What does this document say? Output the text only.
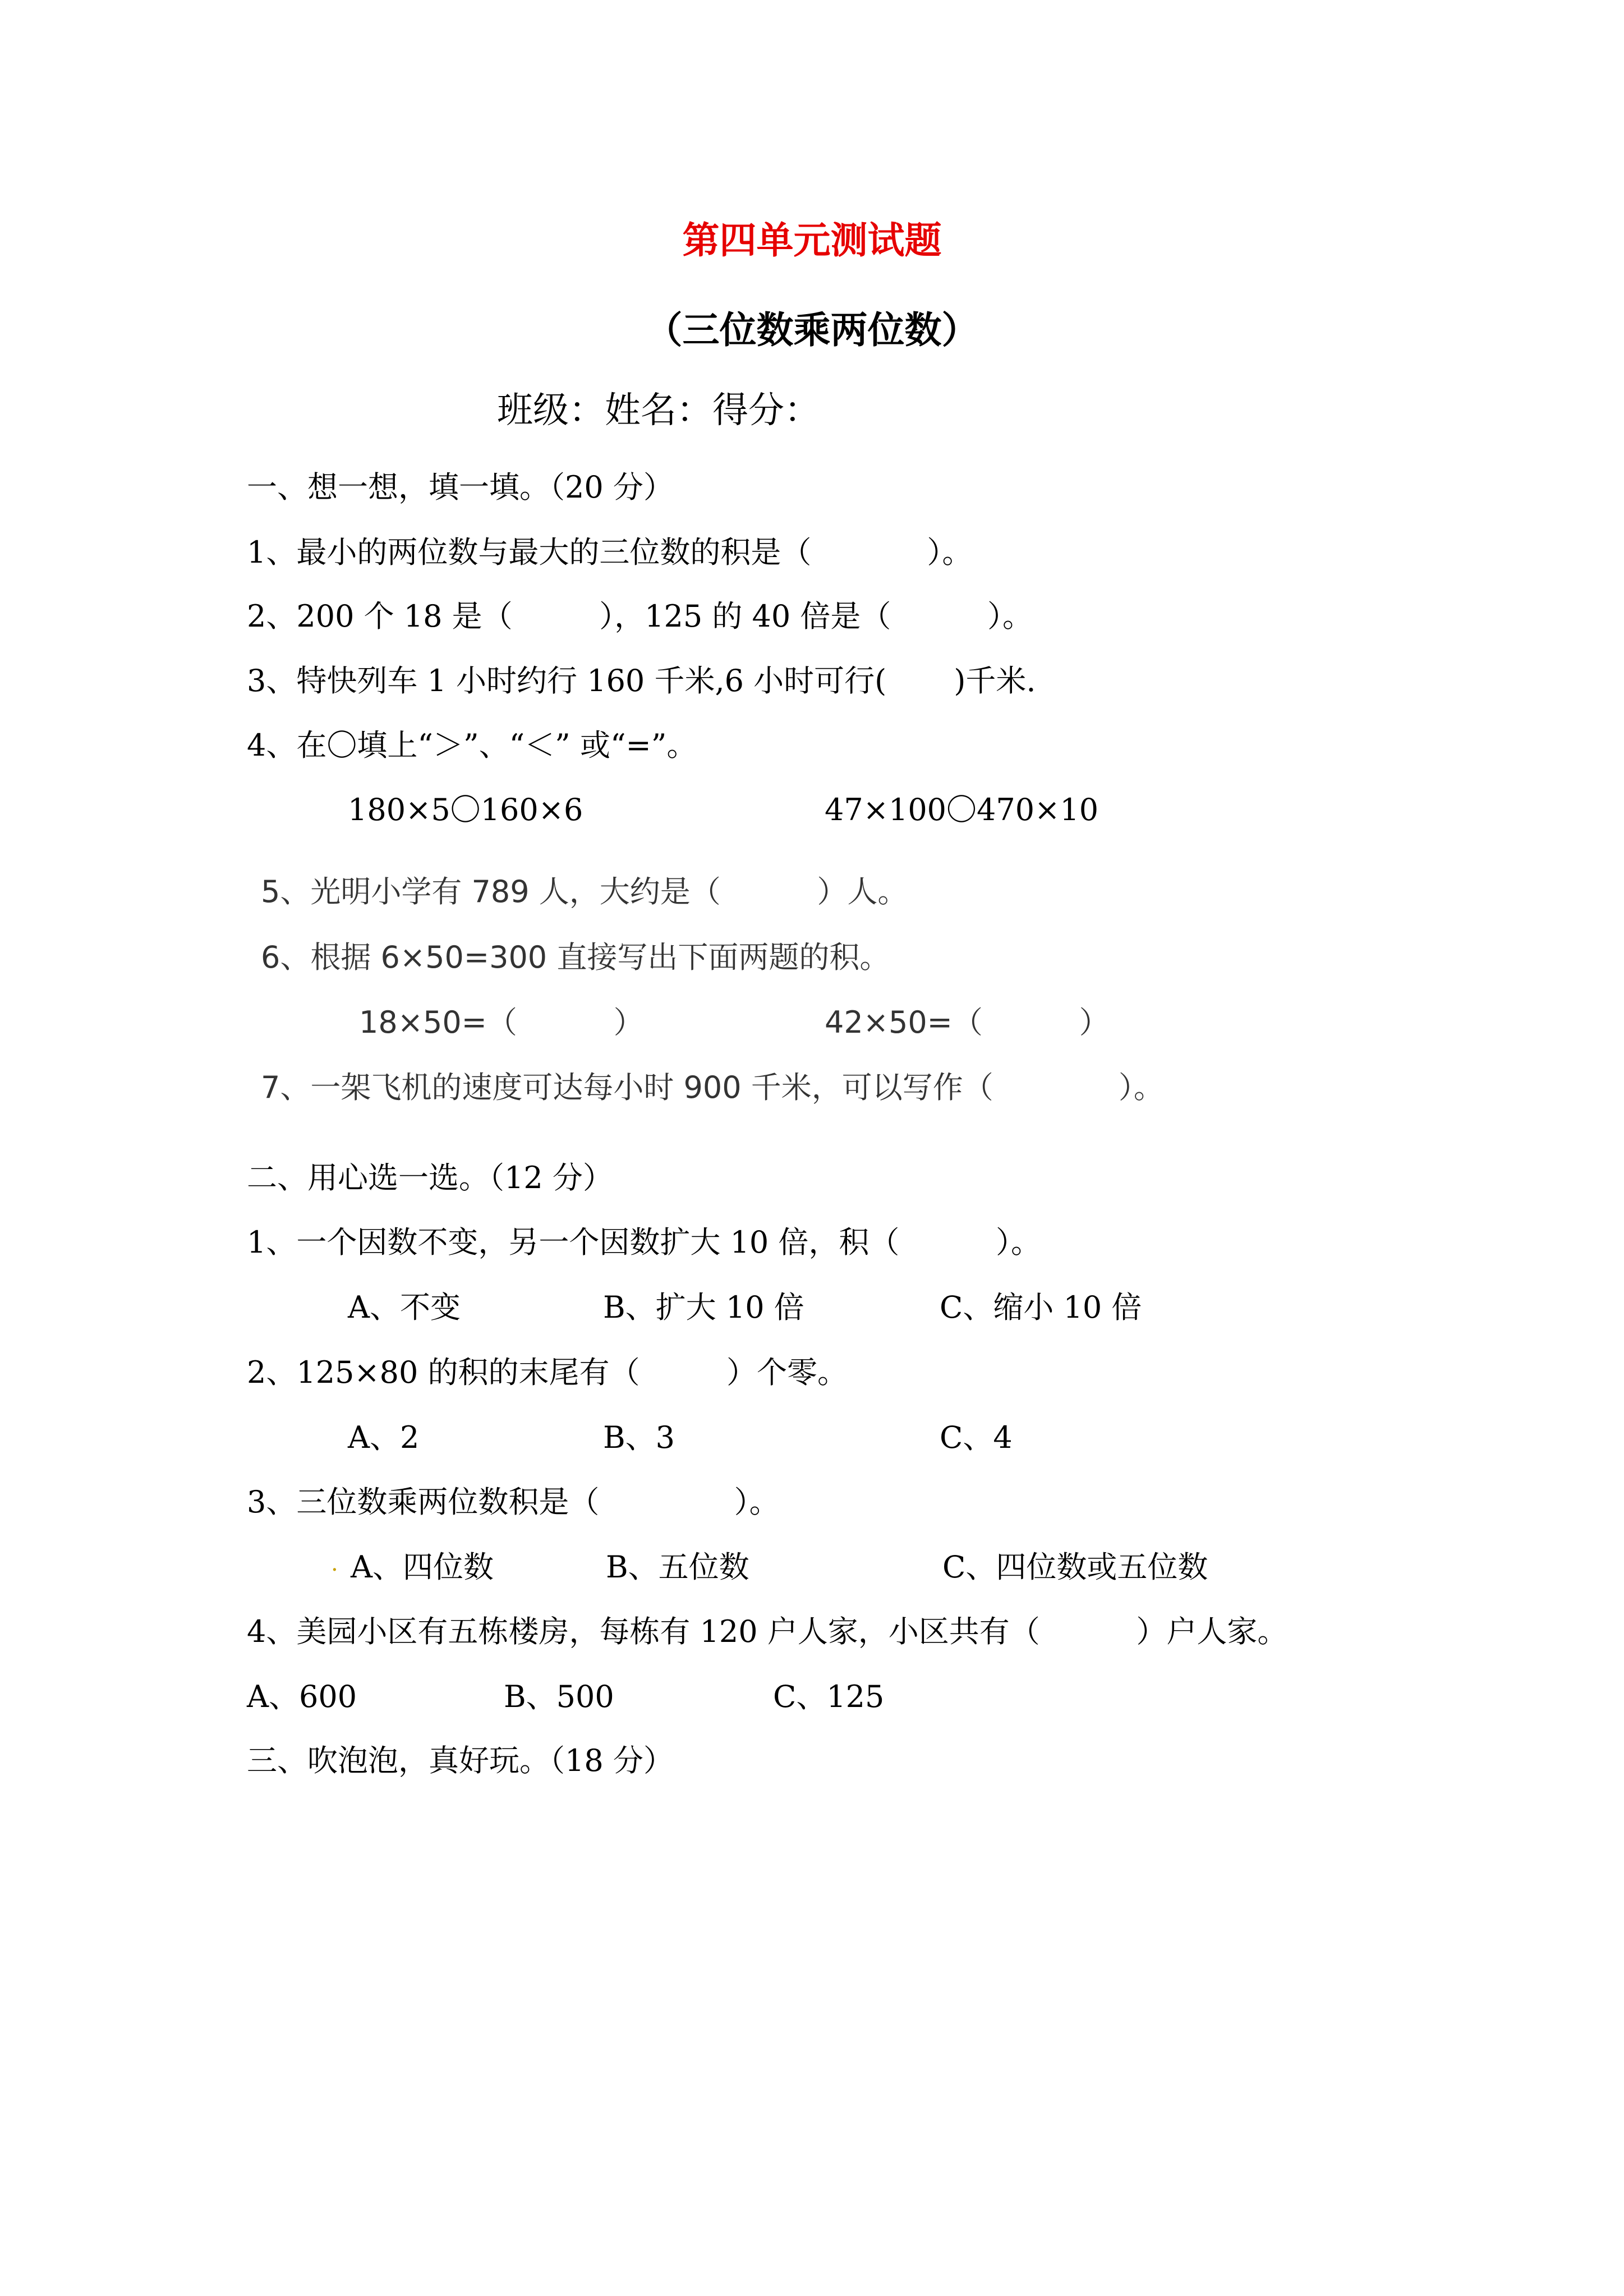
第四单元测试题
（三位数乘两位数）
班级：姓名：得分：
一、想一想，填一填。（20 分）
1、最小的两位数与最大的三位数的积是（            ）。
2、200 个 18 是（         ），125 的 40 倍是（          ）。
3、特快列车 1 小时约行 160 千米,6 小时可行(       )千米.
4、在〇填上“＞”、“＜” 或“=”。
180×5〇160×6	47×100〇470×10
5、光明小学有 789 人，大约是（          ）人。
6、根据 6×50=300 直接写出下面两题的积。
18×50=（          ）	42×50=（          ）
7、一架飞机的速度可达每小时 900 千米，可以写作（             ）。
二、用心选一选。（12 分）
1、一个因数不变，另一个因数扩大 10 倍，积（          ）。
A、不变	B、扩大 10 倍	C、缩小 10 倍
2、125×80 的积的末尾有（         ）个零。
A、2	B、3	C、4
3、三位数乘两位数积是（              ）。
. A、四位数	B、五位数	C、四位数或五位数
4、美园小区有五栋楼房，每栋有 120 户人家，小区共有（          ）户人家。
A、600	B、500	C、125
三、吹泡泡，真好玩。（18 分）
